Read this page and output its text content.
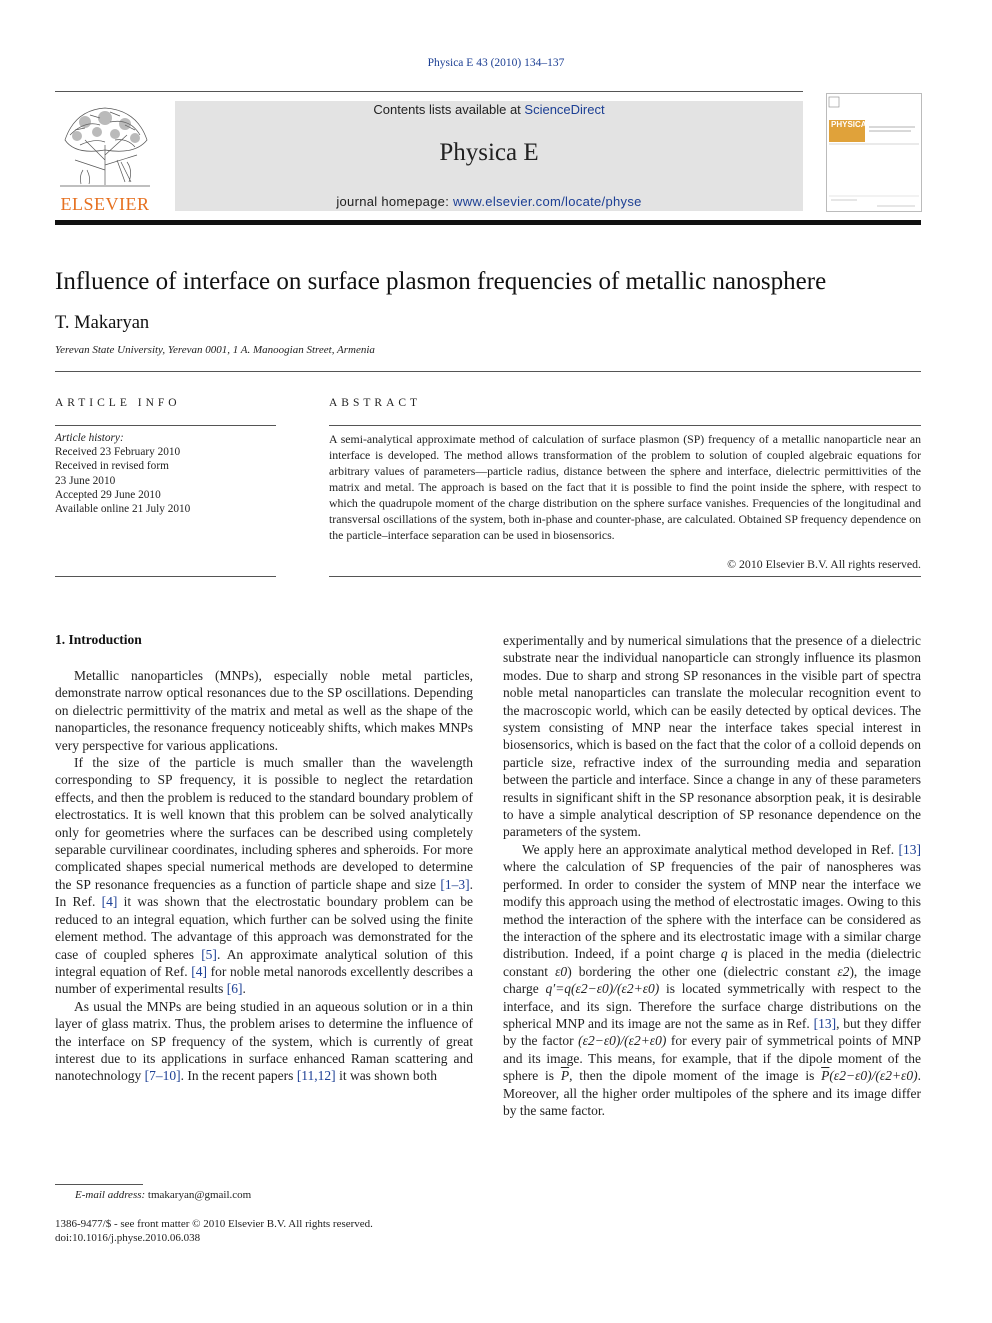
Physica E 43 (2010) 134–137
ELSEVIER
Contents lists available at ScienceDirect
Physica E
journal homepage: www.elsevier.com/locate/physe
PHYSICA
Influence of interface on surface plasmon frequencies of metallic nanosphere
T. Makaryan
Yerevan State University, Yerevan 0001, 1 A. Manoogian Street, Armenia
ARTICLE INFO
Article history:
Received 23 February 2010
Received in revised form
23 June 2010
Accepted 29 June 2010
Available online 21 July 2010
ABSTRACT
A semi-analytical approximate method of calculation of surface plasmon (SP) frequency of a metallic nanoparticle near an interface is developed. The method allows transformation of the problem to solution of coupled algebraic equations for arbitrary values of parameters—particle radius, distance between the sphere and interface, dielectric permittivities of the matrix and metal. The approach is based on the fact that it is possible to find the point inside the sphere, with respect to which the quadrupole moment of the charge distribution on the sphere surface vanishes. Frequencies of the longitudinal and transversal oscillations of the system, both in-phase and counter-phase, are calculated. Obtained SP frequency dependence on the particle–interface separation can be used in biosensorics.
© 2010 Elsevier B.V. All rights reserved.
1. Introduction

Metallic nanoparticles (MNPs), especially noble metal particles, demonstrate narrow optical resonances due to the SP oscillations. Depending on dielectric permittivity of the matrix and metal as well as the shape of the nanoparticles, the resonance frequency noticeably shifts, which makes MNPs very perspective for various applications.

If the size of the particle is much smaller than the wavelength corresponding to SP frequency, it is possible to neglect the retardation effects, and then the problem is reduced to the standard boundary problem of electrostatics. It is well known that this problem can be solved analytically only for geometries where the surfaces can be described using completely separable curvilinear coordinates, including spheres and spheroids. For more complicated shapes special numerical methods are developed to determine the SP resonance frequencies as a function of particle shape and size [1–3]. In Ref. [4] it was shown that the electrostatic boundary problem can be reduced to an integral equation, which further can be solved using the finite element method. The advantage of this approach was demonstrated for the case of coupled spheres [5]. An approximate analytical solution of this integral equation of Ref. [4] for noble metal nanorods excellently describes a number of experimental results [6].

As usual the MNPs are being studied in an aqueous solution or in a thin layer of glass matrix. Thus, the problem arises to determine the influence of the interface on SP frequency of the system, which is currently of great interest due to its applications in surface enhanced Raman scattering and nanotechnology [7–10]. In the recent papers [11,12] it was shown both

experimentally and by numerical simulations that the presence of a dielectric substrate near the individual nanoparticle can strongly influence its plasmon modes. Due to sharp and strong SP resonances in the visible part of spectra noble metal nanoparticles can translate the molecular recognition event to the macroscopic world, which can be easily detected by optical devices. The system consisting of MNP near the interface takes special interest in biosensorics, which is based on the fact that the color of a colloid depends on particle size, refractive index of the surrounding media and separation between the particle and interface. Since a change in any of these parameters results in significant shift in the SP resonance absorption peak, it is desirable to have a simple analytical description of SP resonance dependence on the parameters of the system.

We apply here an approximate analytical method developed in Ref. [13] where the calculation of SP frequencies of the pair of nanospheres was performed. In order to consider the system of MNP near the interface we modify this approach using the method of electrostatic images. Owing to this method the interaction of the sphere with the interface can be considered as the interaction of the sphere and its electrostatic image with a similar charge distribution. Indeed, if a point charge q is placed in the media (dielectric constant ε0) bordering the other one (dielectric constant ε2), the image charge q′=q(ε2−ε0)/(ε2+ε0) is located symmetrically with respect to the interface, and its sign. Therefore the surface charge distributions on the spherical MNP and its image are not the same as in Ref. [13], but they differ by the factor (ε2−ε0)/(ε2+ε0) for every pair of symmetrical points of MNP and its image. This means, for example, that if the dipole moment of the sphere is $\overline{P}$, then the dipole moment of the image is $\overline{P}(\varepsilon 2-\varepsilon 0)/(\varepsilon 2+\varepsilon 0)$. Moreover, all the higher order multipoles of the sphere and its image differ by the same factor.

E-mail address: tmakaryan@gmail.com
1386-9477/$ - see front matter © 2010 Elsevier B.V. All rights reserved.
doi:10.1016/j.physe.2010.06.038
